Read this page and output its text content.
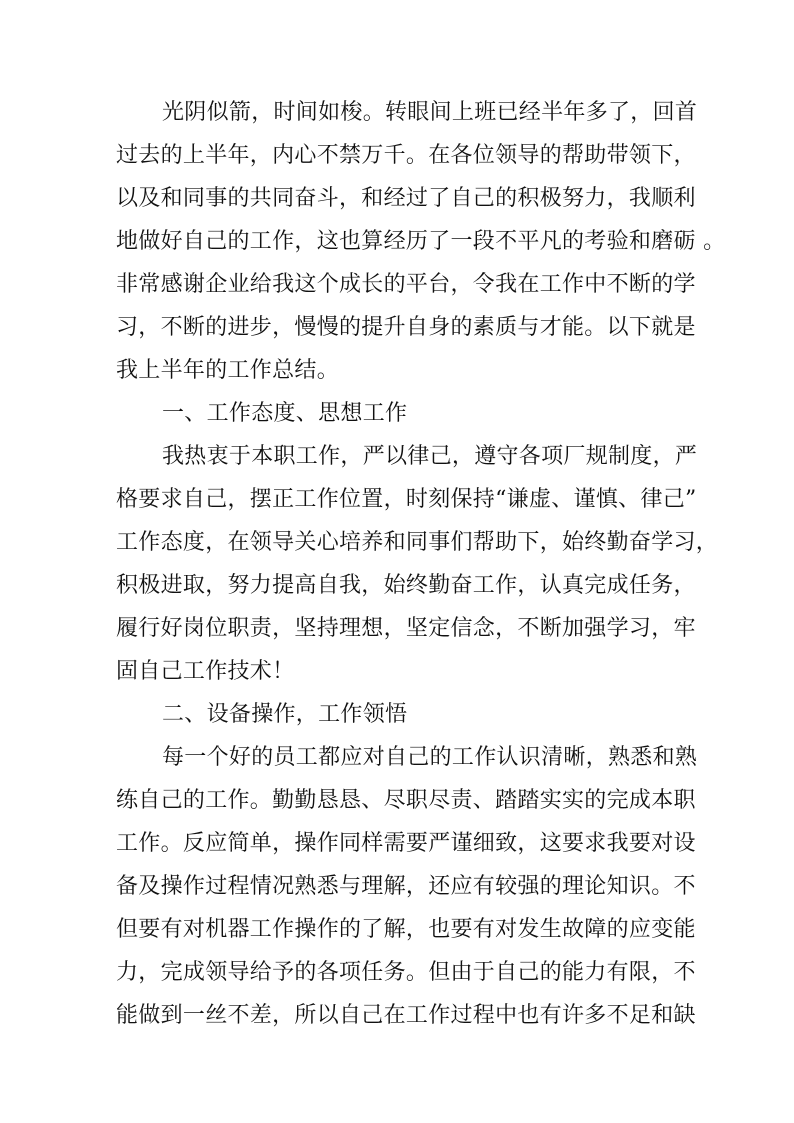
光阴似箭，时间如梭。转眼间上班已经半年多了，回首
过去的上半年，内心不禁万千。在各位领导的帮助带领下，
以及和同事的共同奋斗，和经过了自己的积极努力，我顺利
地做好自己的工作，这也算经历了一段不平凡的考验和磨砺 。
非常感谢企业给我这个成长的平台，令我在工作中不断的学
习，不断的进步，慢慢的提升自身的素质与才能。以下就是
我上半年的工作总结。
一、工作态度、思想工作
我热衷于本职工作，严以律己，遵守各项厂规制度，严
格要求自己，摆正工作位置，时刻保持“谦虚、谨慎、律己”
工作态度，在领导关心培养和同事们帮助下，始终勤奋学习，
积极进取，努力提高自我，始终勤奋工作，认真完成任务，
履行好岗位职责，坚持理想，坚定信念，不断加强学习，牢
固自己工作技术！
二、设备操作，工作领悟
每一个好的员工都应对自己的工作认识清晰，熟悉和熟
练自己的工作。勤勤恳恳、尽职尽责、踏踏实实的完成本职
工作。反应简单，操作同样需要严谨细致，这要求我要对设
备及操作过程情况熟悉与理解，还应有较强的理论知识。不
但要有对机器工作操作的了解，也要有对发生故障的应变能
力，完成领导给予的各项任务。但由于自己的能力有限，不
能做到一丝不差，所以自己在工作过程中也有许多不足和缺
